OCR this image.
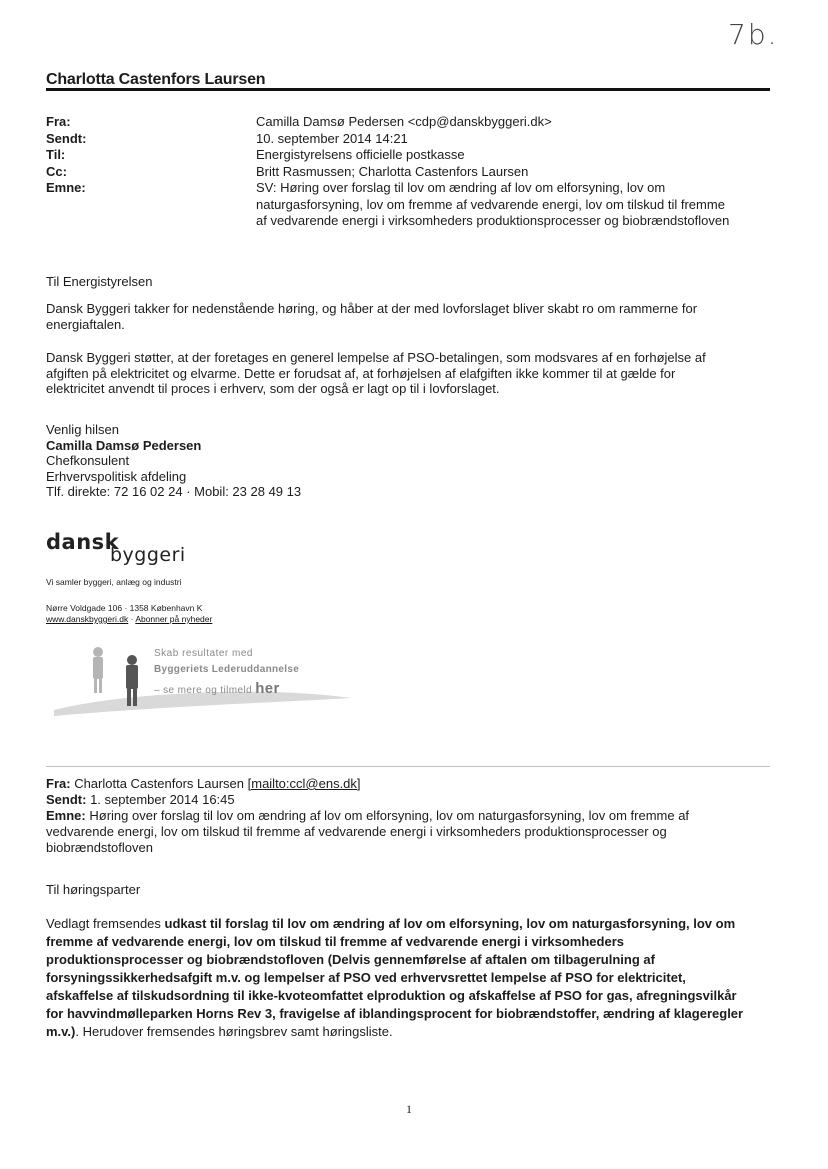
7b.
Charlotta Castenfors Laursen
Fra:
Sendt:
Til:
Cc:
Emne:
Camilla Damsø Pedersen <cdp@danskbyggeri.dk>
10. september 2014 14:21
Energistyrelsens officielle postkasse
Britt Rasmussen; Charlotta Castenfors Laursen
SV: Høring over forslag til lov om ændring af lov om elforsyning, lov om
naturgasforsyning, lov om fremme af vedvarende energi, lov om tilskud til fremme
af vedvarende energi i virksomheders produktionsprocesser og biobrændstofloven
Til Energistyrelsen
Dansk Byggeri takker for nedenstående høring, og håber at der med lovforslaget bliver skabt ro om rammerne for
energiaftalen.
Dansk Byggeri støtter, at der foretages en generel lempelse af PSO-betalingen, som modsvares af en forhøjelse af
afgiften på elektricitet og elvarme. Dette er forudsat af, at forhøjelsen af elafgiften ikke kommer til at gælde for
elektricitet anvendt til proces i erhverv, som der også er lagt op til i lovforslaget.
Venlig hilsen
Camilla Damsø Pedersen
Chefkonsulent
Erhvervspolitisk afdeling
Tlf. direkte: 72 16 02 24 · Mobil: 23 28 49 13
dansk
byggeri
Vi samler byggeri, anlæg og industri
Nørre Voldgade 106 · 1358 København K
www.danskbyggeri.dk · Abonner på nyheder
Skab resultater med
Byggeriets Lederuddannelse
– se mere og tilmeld her
Fra: Charlotta Castenfors Laursen [mailto:ccl@ens.dk]
Sendt: 1. september 2014 16:45
Emne: Høring over forslag til lov om ændring af lov om elforsyning, lov om naturgasforsyning, lov om fremme af
vedvarende energi, lov om tilskud til fremme af vedvarende energi i virksomheders produktionsprocesser og
biobrændstofloven
Til høringsparter
Vedlagt fremsendes udkast til forslag til lov om ændring af lov om elforsyning, lov om naturgasforsyning, lov om
fremme af vedvarende energi, lov om tilskud til fremme af vedvarende energi i virksomheders
produktionsprocesser og biobrændstofloven (Delvis gennemførelse af aftalen om tilbagerulning af
forsyningssikkerhedsafgift m.v. og lempelser af PSO ved erhvervsrettet lempelse af PSO for elektricitet,
afskaffelse af tilskudsordning til ikke-kvoteomfattet elproduktion og afskaffelse af PSO for gas, afregningsvilkår
for havvindmølleparken Horns Rev 3, fravigelse af iblandingsprocent for biobrændstoffer, ændring af klageregler
m.v.). Herudover fremsendes høringsbrev samt høringsliste.
1
